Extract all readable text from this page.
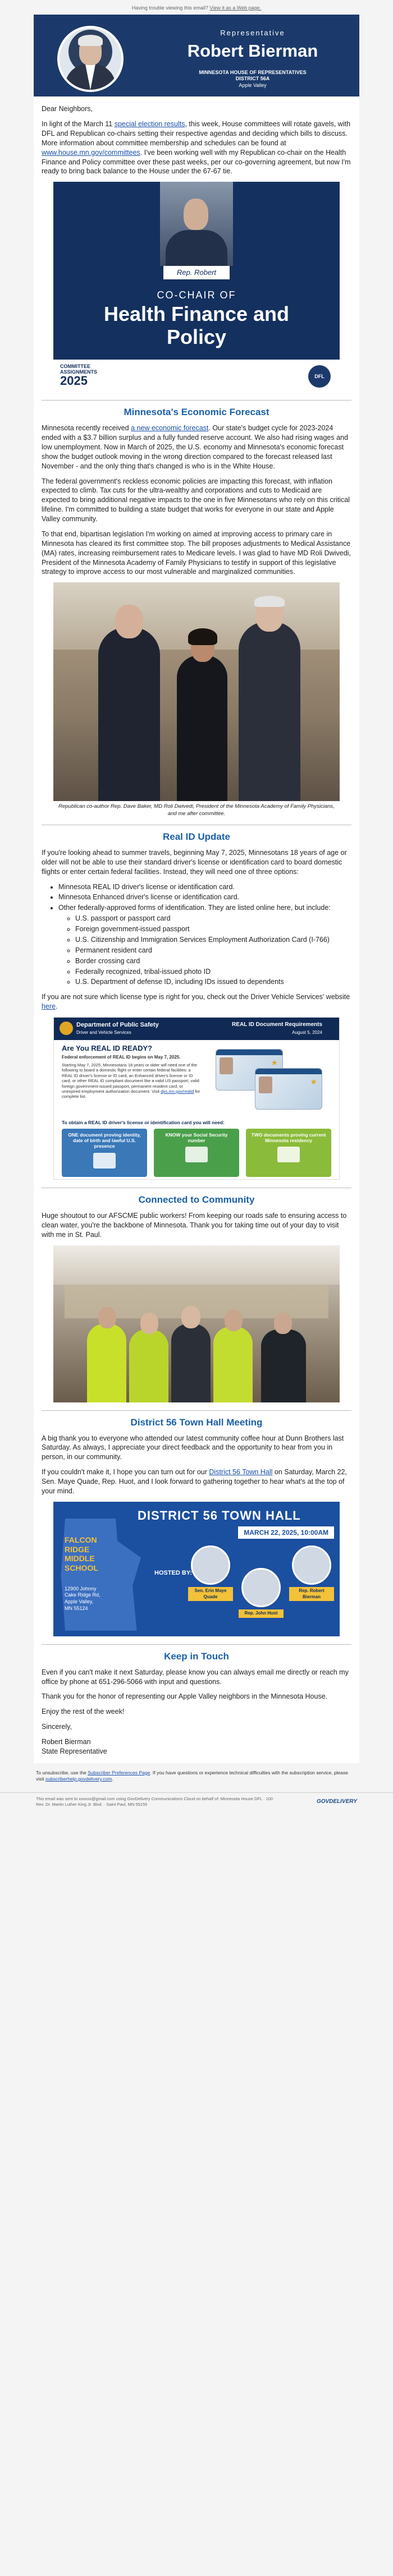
Having trouble viewing this email? View it as a Web page.
Representative
Robert Bierman
MINNESOTA HOUSE OF REPRESENTATIVES
DISTRICT 56A
Apple Valley

Dear Neighbors,

In light of the March 11 special election results, this week, House committees will rotate gavels, with DFL and Republican co-chairs setting their respective agendas and deciding which bills to discuss. More information about committee membership and schedules can be found at www.house.mn.gov/committees. I've been working well with my Republican co-chair on the Health Finance and Policy committee over these past weeks, per our co-governing agreement, but now I'm ready to bring back balance to the House under the 67-67 tie.

Rep. Robert Bierman
CO-CHAIR OF
Health Finance and
Policy
COMMITTEE
ASSIGNMENTS
2025	DFL
Minnesota's Economic Forecast

Minnesota recently received a new economic forecast. Our state's budget cycle for 2023-2024 ended with a $3.7 billion surplus and a fully funded reserve account. We also had rising wages and low unemployment. Now in March of 2025, the U.S. economy and Minnesota's economic forecast show the budget outlook moving in the wrong direction compared to the forecast released last November - and the only thing that's changed is who is in the White House.

The federal government's reckless economic policies are impacting this forecast, with inflation expected to climb. Tax cuts for the ultra-wealthy and corporations and cuts to Medicaid are expected to bring additional negative impacts to the one in five Minnesotans who rely on this critical lifeline. I'm committed to building a state budget that works for everyone in our state and Apple Valley community.

To that end, bipartisan legislation I'm working on aimed at improving access to primary care in Minnesota has cleared its first committee stop. The bill proposes adjustments to Medical Assistance (MA) rates, increasing reimbursement rates to Medicare levels. I was glad to have MD Roli Dwivedi, President of the Minnesota Academy of Family Physicians to testify in support of this legislative strategy to improve access to our most vulnerable and marginalized communities.

Republican co-author Rep. Dave Baker, MD Roli Dwivedi, President of the Minnesota Academy of Family Physicians, and me after committee.
Real ID Update

If you're looking ahead to summer travels, beginning May 7, 2025, Minnesotans 18 years of age or older will not be able to use their standard driver's license or identification card to board domestic flights or enter certain federal facilities. Instead, they will need one of three options:

• Minnesota REAL ID driver's license or identification card.
• Minnesota Enhanced driver's license or identification card.
• Other federally-approved forms of identification. They are listed online here, but include:
◦ U.S. passport or passport card
◦ Foreign government-issued passport
◦ U.S. Citizenship and Immigration Services Employment Authorization Card (I-766)
◦ Permanent resident card
◦ Border crossing card
◦ Federally recognized, tribal-issued photo ID
◦ U.S. Department of defense ID, including IDs issued to dependents

If you are not sure which license type is right for you, check out the Driver Vehicle Services' website here.

Department of Public Safety
Driver and Vehicle Services
REAL ID Document Requirements
August 5, 2024
Are You REAL ID READY?
Federal enforcement of REAL ID begins on May 7, 2025.
Starting May 7, 2025, Minnesotans 18 years or older will need one of the following to board a domestic flight or enter certain federal facilities: a REAL ID driver's license or ID card, an Enhanced driver's license or ID card, or other REAL ID compliant document like a valid US passport, valid foreign government-issued passport, permanent resident card, or unexpired employment authorization document. Visit dps.mn.gov/realid for complete list.
★
★
To obtain a REAL ID driver's license or identification card you will need:
ONE document proving identity, date of birth and lawful U.S. presence
KNOW your Social Security number
TWO documents proving current Minnesota residency
Connected to Community

Huge shoutout to our AFSCME public workers! From keeping our roads safe to ensuring access to clean water, you're the backbone of Minnesota. Thank you for taking time out of your day to visit with me in St. Paul.

District 56 Town Hall Meeting

A big thank you to everyone who attended our latest community coffee hour at Dunn Brothers last Saturday. As always, I appreciate your direct feedback and the opportunity to hear from you in person, in our community.

If you couldn't make it, I hope you can turn out for our District 56 Town Hall on Saturday, March 22, Sen. Maye Quade, Rep. Huot, and I look forward to gathering together to hear what's at the top of your mind.

DISTRICT 56 TOWN HALL
MARCH 22, 2025, 10:00AM
FALCON
RIDGE
MIDDLE
SCHOOL
12900 Johnny
Cake Ridge Rd,
Apple Valley,
MN 55124
HOSTED BY:
Sen. Erin Maye Quade
Rep. John Huot
Rep. Robert Bierman
Keep in Touch

Even if you can't make it next Saturday, please know you can always email me directly or reach my office by phone at 651-296-5066 with input and questions.

Thank you for the honor of representing our Apple Valley neighbors in the Minnesota House.

Enjoy the rest of the week!

Sincerely,

Robert Bierman
State Representative

To unsubscribe, use the Subscriber Preferences Page. If you have questions or experience technical difficulties with the subscription service, please visit subscriberhelp.govdelivery.com.
This email was sent to xxxxxx@gmail.com using GovDelivery Communications Cloud on behalf of: Minnesota House DFL · 100 Rev. Dr. Martin Luther King Jr. Blvd. · Saint Paul, MN 55155	GOVDELIVERY
